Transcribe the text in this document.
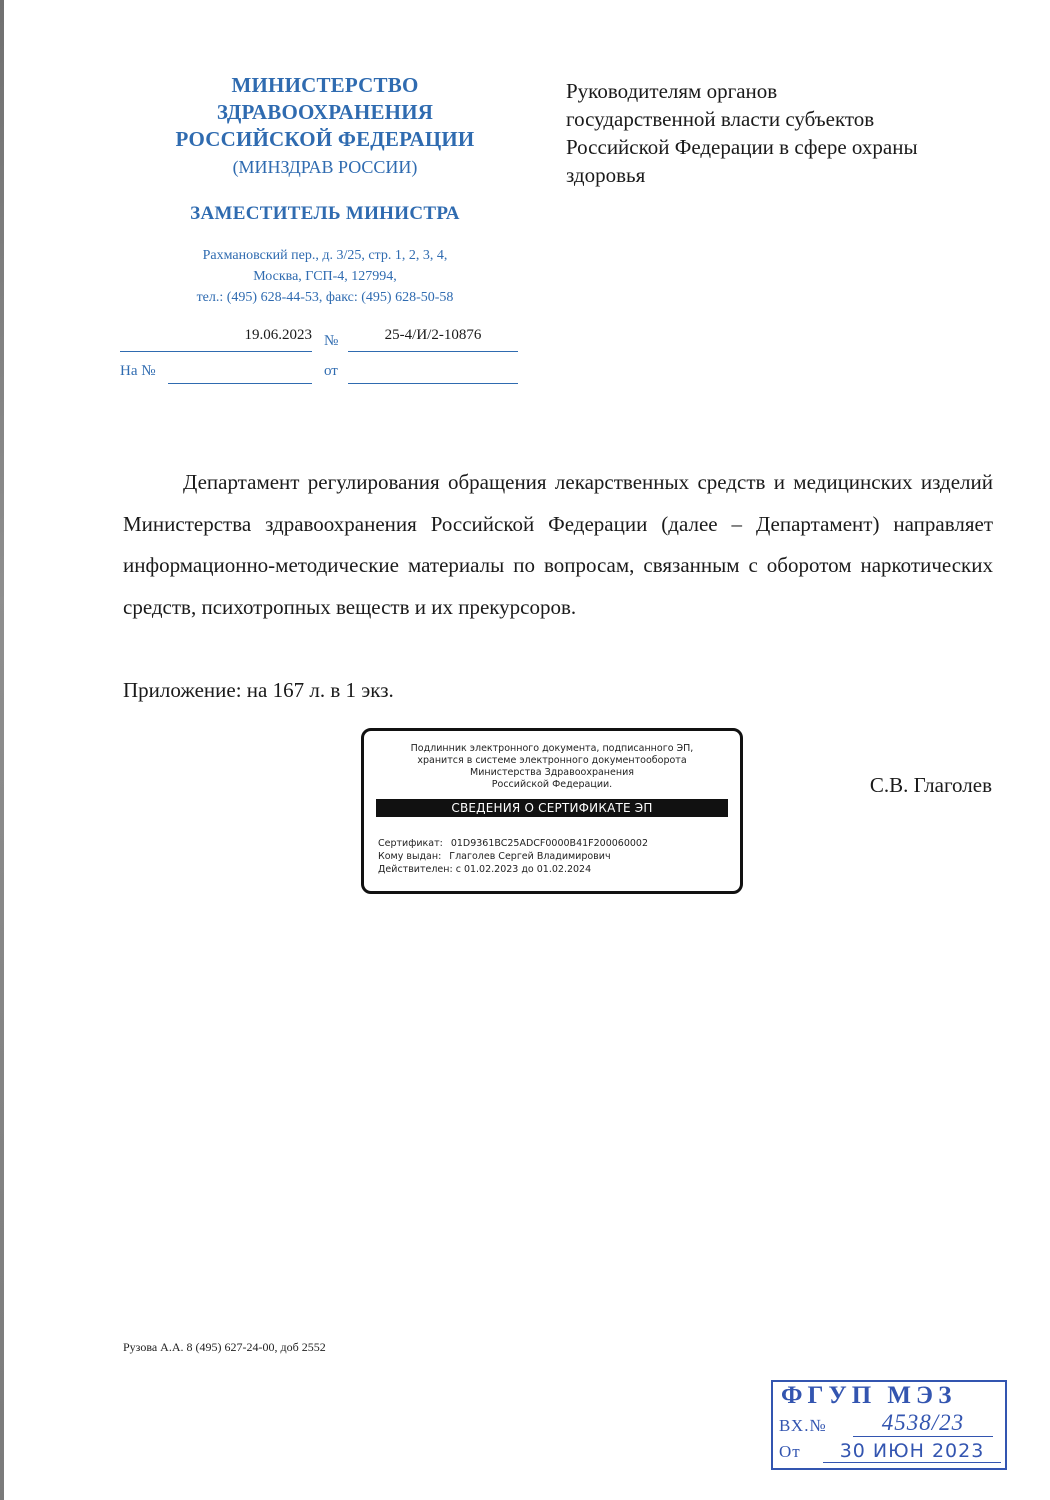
МИНИСТЕРСТВО
ЗДРАВООХРАНЕНИЯ
РОССИЙСКОЙ ФЕДЕРАЦИИ
(МИНЗДРАВ РОССИИ)
ЗАМЕСТИТЕЛЬ МИНИСТРА
Рахмановский пер., д. 3/25, стр. 1, 2, 3, 4,
Москва, ГСП-4, 127994,
тел.: (495) 628-44-53, факс: (495) 628-50-58
19.06.2023 №	25-4/И/2-10876
На №	от
Руководителям органов
государственной власти субъектов
Российской Федерации в сфере охраны
здоровья

Департамент регулирования обращения лекарственных средств и медицинских изделий Министерства здравоохранения Российской Федерации (далее – Департамент) направляет информационно-методические материалы по вопросам, связанным с оборотом наркотических средств, психотропных веществ и их прекурсоров.

Приложение: на 167 л. в 1 экз.
Подлинник электронного документа, подписанного ЭП,
хранится в системе электронного документооборота
Министерства Здравоохранения
Российской Федерации.
СВЕДЕНИЯ О СЕРТИФИКАТЕ ЭП
Сертификат: 01D9361BC25ADCF0000B41F200060002
Кому выдан: Глаголев Сергей Владимирович
Действителен: с 01.02.2023 до 01.02.2024
С.В. Глаголев
Рузова А.А. 8 (495) 627-24-00, доб 2552
ФГУП МЭЗ
ВХ.№	4538/23
От	30 ИЮН 2023
